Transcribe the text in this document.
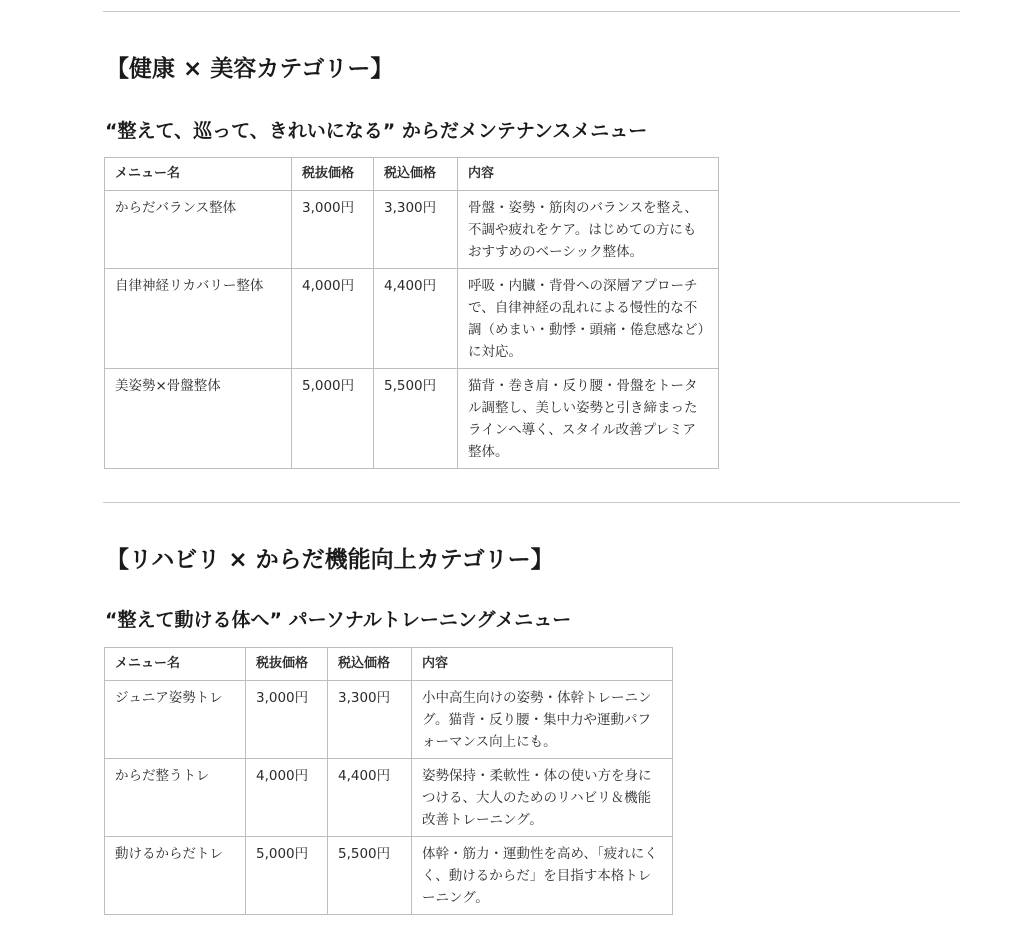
【健康 × 美容カテゴリー】
“整えて、巡って、きれいになる” からだメンテナンスメニュー
メニュー名	税抜価格	税込価格	内容
からだバランス整体	3,000円	3,300円	骨盤・姿勢・筋肉のバランスを整え、不調や疲れをケア。はじめての方にもおすすめのベーシック整体。
自律神経リカバリー整体	4,000円	4,400円	呼吸・内臓・背骨への深層アプローチで、自律神経の乱れによる慢性的な不調（めまい・動悸・頭痛・倦怠感など）に対応。
美姿勢×骨盤整体	5,000円	5,500円	猫背・巻き肩・反り腰・骨盤をトータル調整し、美しい姿勢と引き締まったラインへ導く、スタイル改善プレミア整体。
【リハビリ × からだ機能向上カテゴリー】
“整えて動ける体へ” パーソナルトレーニングメニュー
メニュー名	税抜価格	税込価格	内容
ジュニア姿勢トレ	3,000円	3,300円	小中高生向けの姿勢・体幹トレーニング。猫背・反り腰・集中力や運動パフォーマンス向上にも。
からだ整うトレ	4,000円	4,400円	姿勢保持・柔軟性・体の使い方を身につける、大人のためのリハビリ＆機能改善トレーニング。
動けるからだトレ	5,000円	5,500円	体幹・筋力・運動性を高め、「疲れにくく、動けるからだ」を目指す本格トレーニング。
